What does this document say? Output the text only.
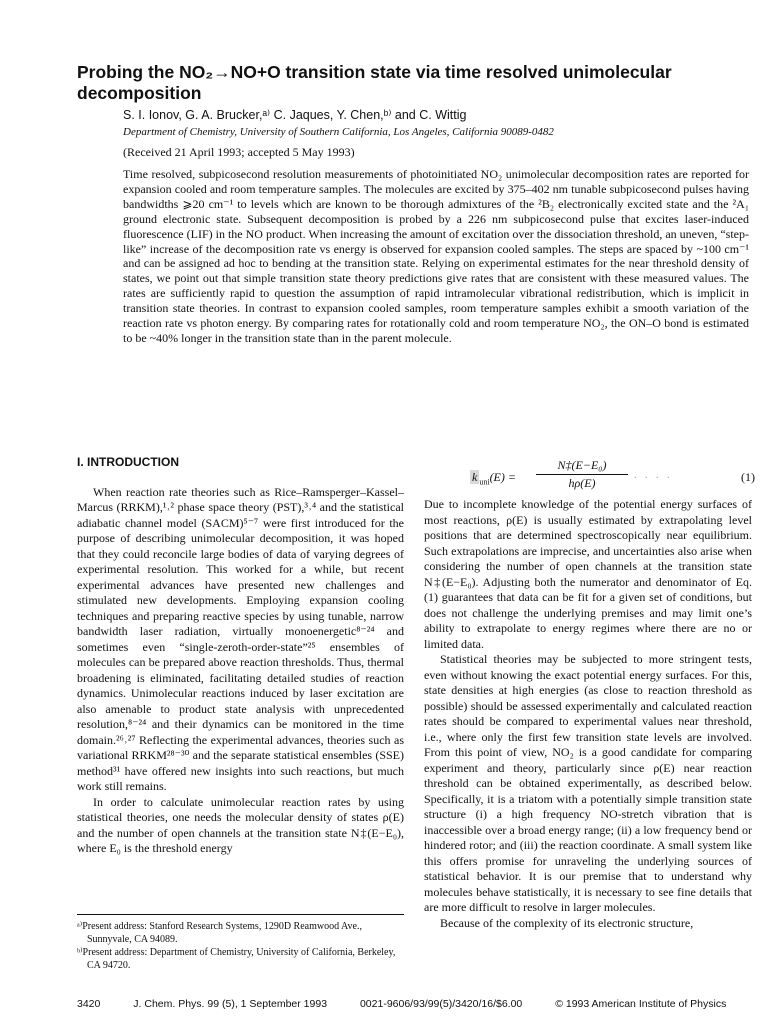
Probing the NO₂→NO+O transition state via time resolved unimolecular decomposition
S. I. Ionov, G. A. Brucker,ᵃ⁾ C. Jaques, Y. Chen,ᵇ⁾ and C. Wittig
Department of Chemistry, University of Southern California, Los Angeles, California 90089-0482
(Received 21 April 1993; accepted 5 May 1993)
Time resolved, subpicosecond resolution measurements of photoinitiated NO₂ unimolecular decomposition rates are reported for expansion cooled and room temperature samples. The molecules are excited by 375–402 nm tunable subpicosecond pulses having bandwidths ⩾20 cm⁻¹ to levels which are known to be thorough admixtures of the ²B₂ electronically excited state and the ²A₁ ground electronic state. Subsequent decomposition is probed by a 226 nm subpicosecond pulse that excites laser-induced fluorescence (LIF) in the NO product. When increasing the amount of excitation over the dissociation threshold, an uneven, “step-like” increase of the decomposition rate vs energy is observed for expansion cooled samples. The steps are spaced by ~100 cm⁻¹ and can be assigned ad hoc to bending at the transition state. Relying on experimental estimates for the near threshold density of states, we point out that simple transition state theory predictions give rates that are consistent with these measured values. The rates are sufficiently rapid to question the assumption of rapid intramolecular vibrational redistribution, which is implicit in transition state theories. In contrast to expansion cooled samples, room temperature samples exhibit a smooth variation of the reaction rate vs photon energy. By comparing rates for rotationally cold and room temperature NO₂, the ON–O bond is estimated to be ~40% longer in the transition state than in the parent molecule.
I. INTRODUCTION

When reaction rate theories such as Rice–Ramsperger–Kassel–Marcus (RRKM),¹˒² phase space theory (PST),³˒⁴ and the statistical adiabatic channel model (SACM)⁵⁻⁷ were first introduced for the purpose of describing unimolecular decomposition, it was hoped that they could reconcile large bodies of data of varying degrees of experimental resolution. This worked for a while, but recent experimental advances have presented new challenges and stimulated new developments. Employing expansion cooling techniques and preparing reactive species by using tunable, narrow bandwidth laser radiation, virtually monoenergetic⁸⁻²⁴ and sometimes even “single-zeroth-order-state”²⁵ ensembles of molecules can be prepared above reaction thresholds. Thus, thermal broadening is eliminated, facilitating detailed studies of reaction dynamics. Unimolecular reactions induced by laser excitation are also amenable to product state analysis with unprecedented resolution,⁸⁻²⁴ and their dynamics can be monitored in the time domain.²⁶˒²⁷ Reflecting the experimental advances, theories such as variational RRKM²⁸⁻³⁰ and the separate statistical ensembles (SSE) method³¹ have offered new insights into such reactions, but much work still remains.

In order to calculate unimolecular reaction rates by using statistical theories, one needs the molecular density of states ρ(E) and the number of open channels at the transition state N‡(E−E₀), where E₀ is the threshold energy

k $_{uni}(E) = \frac{\text{N‡(E−E₀)}}{h\rho(E)}$ . . . .	(1)

Due to incomplete knowledge of the potential energy surfaces of most reactions, ρ(E) is usually estimated by extrapolating level positions that are determined spectroscopically near equilibrium. Such extrapolations are imprecise, and uncertainties also arise when considering the number of open channels at the transition state N‡(E−E₀). Adjusting both the numerator and denominator of Eq. (1) guarantees that data can be fit for a given set of conditions, but does not challenge the underlying premises and may limit one’s ability to extrapolate to energy regimes where there are no or limited data.

Statistical theories may be subjected to more stringent tests, even without knowing the exact potential energy surfaces. For this, state densities at high energies (as close to reaction threshold as possible) should be assessed experimentally and calculated reaction rates should be compared to experimental values near threshold, i.e., where only the first few transition state levels are involved. From this point of view, NO₂ is a good candidate for comparing experiment and theory, particularly since ρ(E) near reaction threshold can be obtained experimentally, as described below. Specifically, it is a triatom with a potentially simple transition state structure (i) a high frequency NO-stretch vibration that is inaccessible over a broad energy range; (ii) a low frequency bend or hindered rotor; and (iii) the reaction coordinate. A small system like this offers promise for unraveling the underlying sources of statistical behavior. It is our premise that to understand why molecules behave statistically, it is necessary to see fine details that are more difficult to resolve in larger molecules.

Because of the complexity of its electronic structure,

ᵃ⁾Present address: Stanford Research Systems, 1290D Reamwood Ave., Sunnyvale, CA 94089.
ᵇ⁾Present address: Department of Chemistry, University of California, Berkeley, CA 94720.
3420	J. Chem. Phys. 99 (5), 1 September 1993	0021-9606/93/99(5)/3420/16/$6.00	© 1993 American Institute of Physics
